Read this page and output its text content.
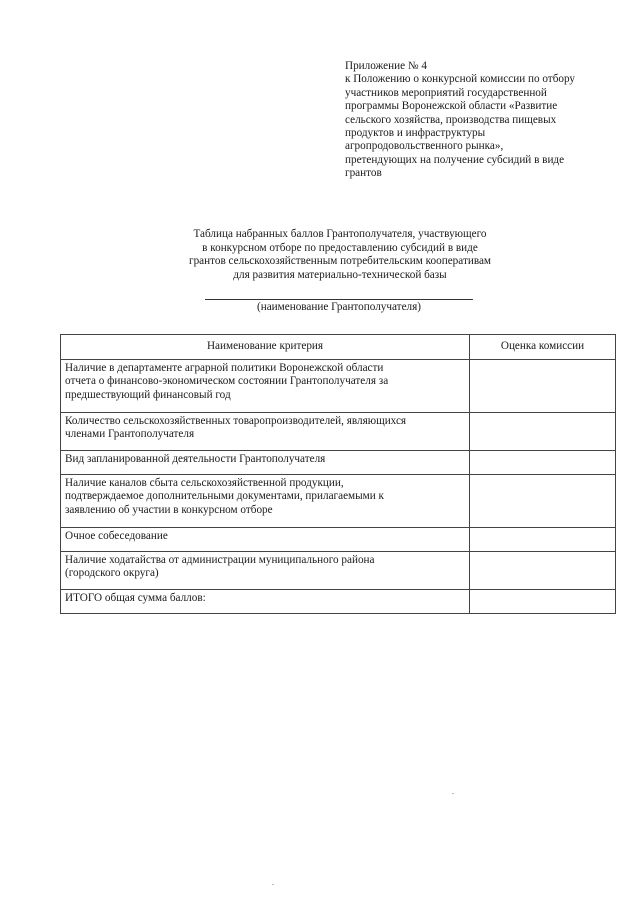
Приложение № 4
к Положению о конкурсной комиссии по отбору
участников мероприятий государственной
программы Воронежской области «Развитие
сельского хозяйства, производства пищевых
продуктов и инфраструктуры
агропродовольственного рынка»,
претендующих на получение субсидий в виде
грантов
Таблица набранных баллов Грантополучателя, участвующего
в конкурсном отборе по предоставлению субсидий в виде
грантов сельскохозяйственным потребительским кооперативам
для развития материально-технической базы
(наименование Грантополучателя)
Наименование критерия	Оценка комиссии

Наличие в департаменте аграрной политики Воронежской области
отчета о финансово-экономическом состоянии Грантополучателя за
предшествующий финансовый год	

Количество сельскохозяйственных товаропроизводителей, являющихся
членами Грантополучателя	

Вид запланированной деятельности Грантополучателя	

Наличие каналов сбыта сельскохозяйственной продукции,
подтверждаемое дополнительными документами, прилагаемыми к
заявлению об участии в конкурсном отборе	

Очное собеседование	

Наличие ходатайства от администрации муниципального района
(городского округа)	

ИТОГО общая сумма баллов:	
